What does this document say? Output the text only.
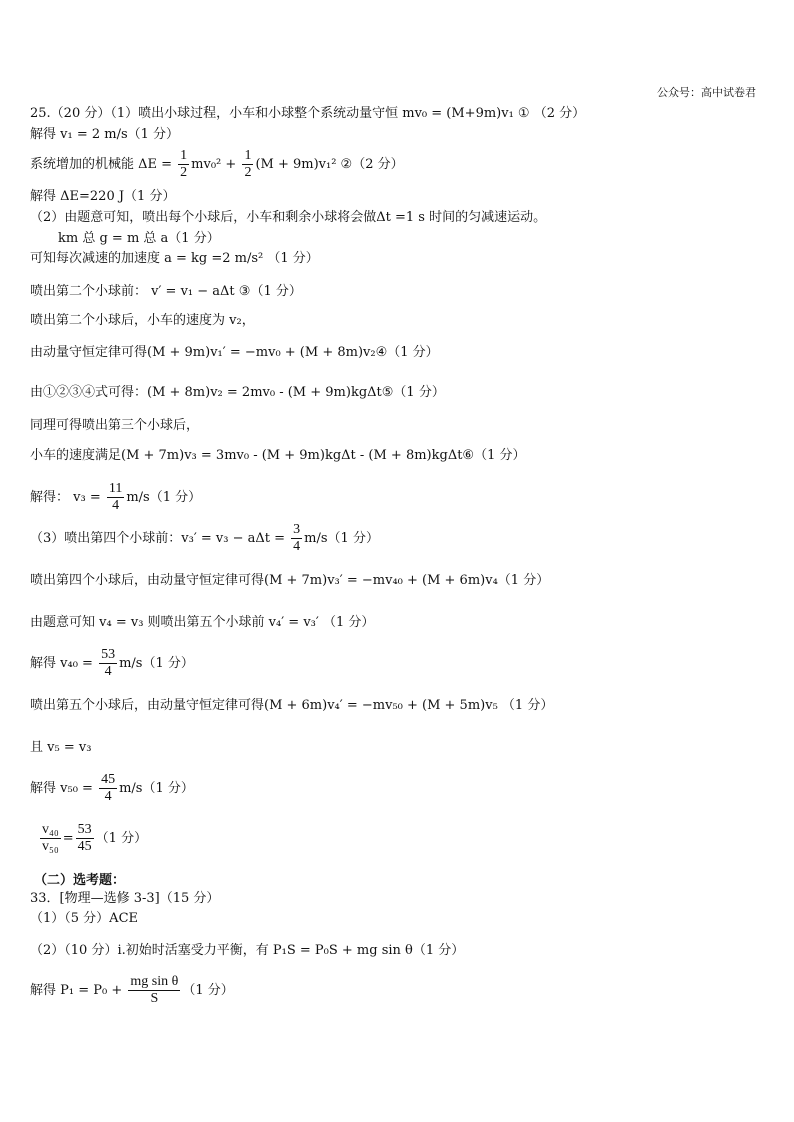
公众号：高中试卷君
25.（20 分）（1）喷出小球过程，小车和小球整个系统动量守恒 mv₀ = (M+9m)v₁ ① （2 分）
解得 v₁ = 2 m/s（1 分）
系统增加的机械能 $\Delta E = \frac{1}{2} mv_0^2 + \frac{1}{2} (M + 9m)v_1^2$ ②（2 分）
解得 ΔE=220 J（1 分）
（2）由题意可知，喷出每个小球后，小车和剩余小球将会做Δt =1 s 时间的匀减速运动。
km 总 g = m 总 a（1 分）
可知每次减速的加速度 a = kg =2 m/s² （1 分）
喷出第二个小球前： v′ = v₁ − aΔt ③（1 分）
喷出第二个小球后，小车的速度为 v₂，
由动量守恒定律可得(M + 9m)v₁′ = −mv₀ + (M + 8m)v₂④（1 分）
由①②③④式可得：(M + 8m)v₂ = 2mv₀ - (M + 9m)kgΔt⑤（1 分）
同理可得喷出第三个小球后，
小车的速度满足(M + 7m)v₃ = 3mv₀ - (M + 9m)kgΔt - (M + 8m)kgΔt⑥（1 分）
解得： $v_3 = \frac{11}{4} m/s(1$ 分）
（3）喷出第四个小球前：$v_3' = v_3 - a\Delta t = \frac{3}{4} m/s(1$ 分）
喷出第四个小球后，由动量守恒定律可得(M + 7m)v₃′ = −mv₄₀ + (M + 6m)v₄（1 分）
由题意可知 v₄ = v₃ 则喷出第五个小球前 v₄′ = v₃′ （1 分）
解得 $v_{40} = \frac{53}{4} m/s(1$ 分）
喷出第五个小球后，由动量守恒定律可得(M + 6m)v₄′ = −mv₅₀ + (M + 5m)v₅ （1 分）
且 v₅ = v₃
解得 $v_{50} = \frac{45}{4} m/s(1$ 分）
$\frac{\text{v₄₀}}{\text{v₅₀}} = \frac{53}{45} (1$ 分）
（二）选考题：
33．[物理—选修 3-3]（15 分）
（1）（5 分）ACE
（2）（10 分）i.初始时活塞受力平衡，有 P₁S = P₀S + mg sin θ（1 分）
解得 $P_1 = P_0 + \frac{\text{mg sin θ}}{S} (1$ 分）
